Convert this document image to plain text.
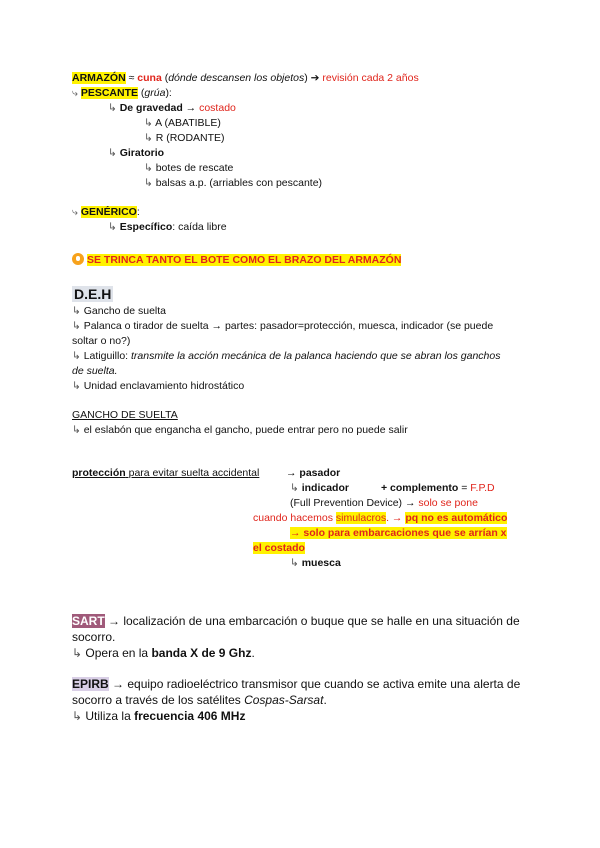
ARMAZÓN ≈ cuna (dónde descansen los objetos) ➔ revisión cada 2 años
⤷ PESCANTE (grúa):
↳ De gravedad → costado
↳ A (ABATIBLE)
↳ R (RODANTE)
↳ Giratorio
↳ botes de rescate
↳ balsas a.p. (arriables con pescante)
⤷ GENÉRICO:
↳ Específico: caída libre
SE TRINCA TANTO EL BOTE COMO EL BRAZO DEL ARMAZÓN
D.E.H
↳ Gancho de suelta
↳ Palanca o tirador de suelta → partes: pasador=protección, muesca, indicador (se puede
soltar o no?)
↳ Latiguillo: transmite la acción mecánica de la palanca haciendo que se abran los ganchos
de suelta.
↳ Unidad enclavamiento hidrostático
GANCHO DE SUELTA
↳ el eslabón que engancha el gancho, puede entrar pero no puede salir
protección para evitar suelta accidental	→ pasador
↳ indicador	+ complemento = F.P.D
(Full Prevention Device) → solo se pone
cuando hacemos simulacros. → pq no es automático
→ solo para embarcaciones que se arrían x
el costado
↳ muesca
SART → localización de una embarcación o buque que se halle en una situación de
socorro.
↳ Opera en la banda X de 9 Ghz.
EPIRB → equipo radioeléctrico transmisor que cuando se activa emite una alerta de
socorro a través de los satélites Cospas-Sarsat.
↳ Utiliza la frecuencia 406 MHz
